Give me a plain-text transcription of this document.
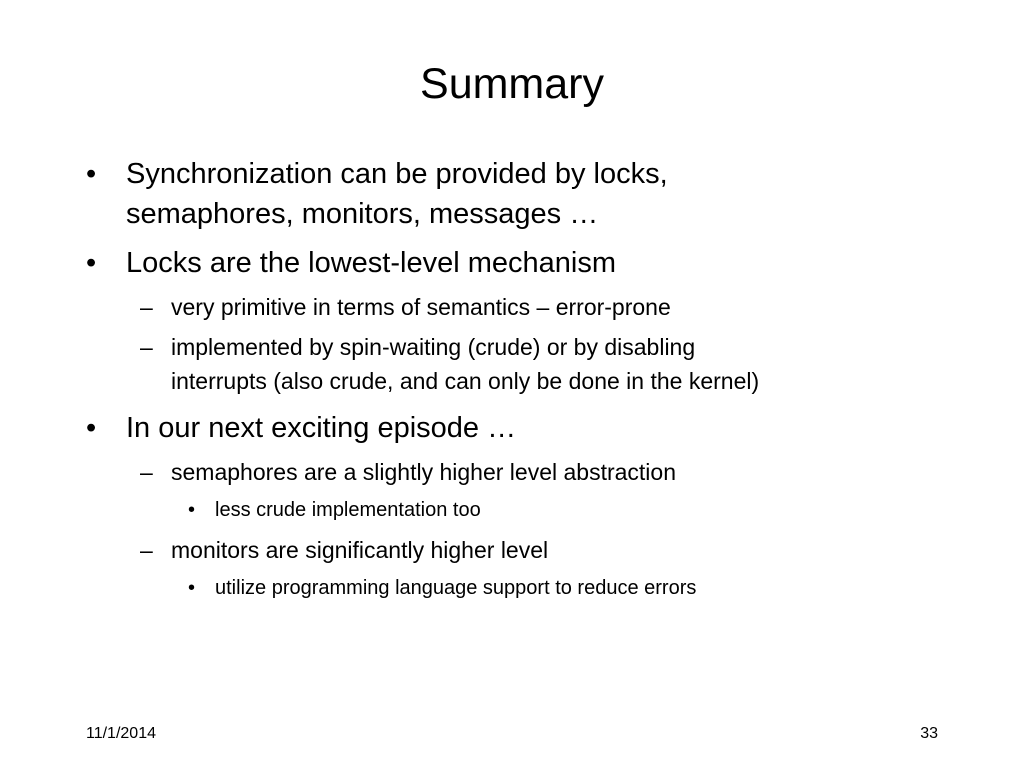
Summary
• Synchronization can be provided by locks,
semaphores, monitors, messages …
• Locks are the lowest-level mechanism
– very primitive in terms of semantics – error-prone
– implemented by spin-waiting (crude) or by disabling
interrupts (also crude, and can only be done in the kernel)
• In our next exciting episode …
– semaphores are a slightly higher level abstraction
• less crude implementation too
– monitors are significantly higher level
• utilize programming language support to reduce errors
11/1/2014	33
